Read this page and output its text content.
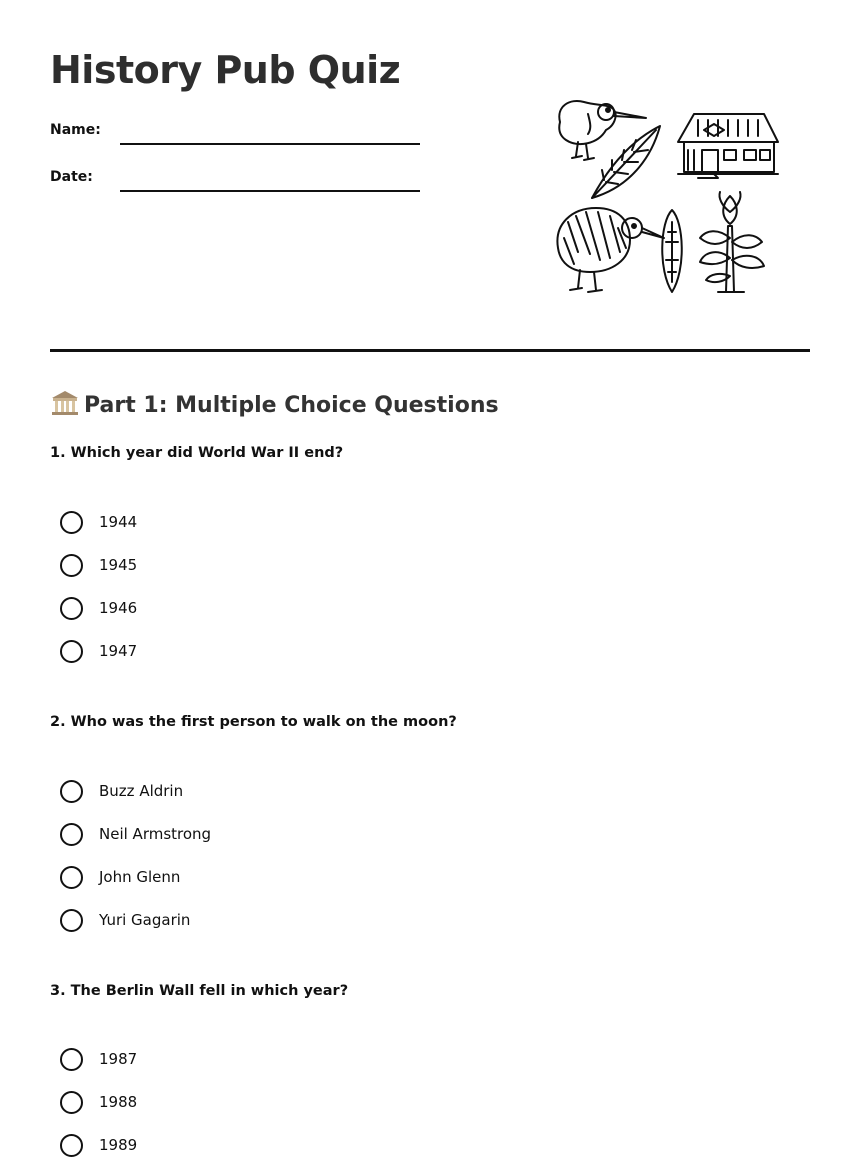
History Pub Quiz
Name:
Date:
Part 1: Multiple Choice Questions

1. Which year did World War II end?

1944
1945
1946
1947

2. Who was the first person to walk on the moon?

Buzz Aldrin
Neil Armstrong
John Glenn
Yuri Gagarin

3. The Berlin Wall fell in which year?

1987
1988
1989
